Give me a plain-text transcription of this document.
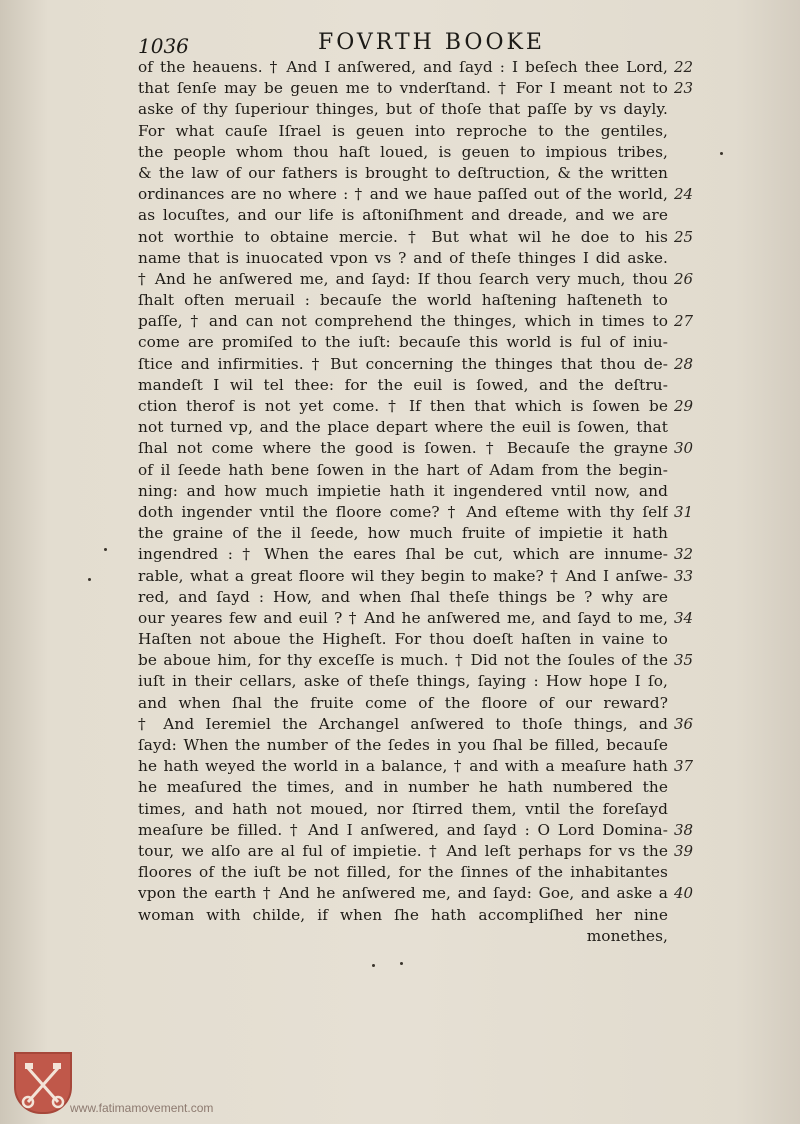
1036	FOVRTH BOOKE
of the heauens. † And I anſwered, and ſayd : I beſech thee Lord,
that ſenſe may be geuen me to vnderſtand. † For I meant not to
aske of thy ſuperiour thinges, but of thoſe that paſſe by vs dayly.
For what cauſe Iſrael is geuen into reproche to the gentiles,
the people whom thou haſt loued, is geuen to impious tribes,
& the law of our fathers is brought to deſtruction, & the written
ordinances are no where : † and we haue paſſed out of the world,
as locuſtes, and our life is aſtoniſhment and dreade, and we are
not worthie to obtaine mercie. † But what wil he doe to his
name that is inuocated vpon vs ? and of theſe thinges I did aske.
† And he anſwered me, and ſayd: If thou ſearch very much, thou
ſhalt often meruail : becauſe the world haſtening haſteneth to
paſſe, † and can not comprehend the thinges, which in times to
come are promiſed to the iuſt: becauſe this world is ful of iniu-
ſtice and infirmities. † But concerning the thinges that thou de-
mandeſt I wil tel thee: for the euil is ſowed, and the deſtru-
ction therof is not yet come. † If then that which is ſowen be
not turned vp, and the place depart where the euil is ſowen, that
ſhal not come where the good is ſowen. † Becauſe the grayne
of il ſeede hath bene ſowen in the hart of Adam from the begin-
ning: and how much impietie hath it ingendered vntil now, and
doth ingender vntil the floore come? † And eſteme with thy ſelf
the graine of the il ſeede, how much fruite of impietie it hath
ingendred : † When the eares ſhal be cut, which are innume-
rable, what a great floore wil they begin to make? † And I anſwe-
red, and ſayd : How, and when ſhal theſe things be ? why are
our yeares few and euil ? † And he anſwered me, and ſayd to me,
Haſten not aboue the Higheſt. For thou doeſt haſten in vaine to
be aboue him, for thy exceſſe is much. † Did not the ſoules of the
iuſt in their cellars, aske of theſe things, ſaying : How hope I ſo,
and when ſhal the fruite come of the floore of our reward?
† And Ieremiel the Archangel anſwered to thoſe things, and
ſayd: When the number of the ſedes in you ſhal be filled, becauſe
he hath weyed the world in a balance, † and with a meaſure hath
he meaſured the times, and in number he hath numbered the
times, and hath not moued, nor ſtirred them, vntil the foreſayd
meaſure be filled. † And I anſwered, and ſayd : O Lord Domina-
tour, we alſo are al ful of impietie. † And leſt perhaps for vs the
floores of the iuſt be not filled, for the ſinnes of the inhabitantes
vpon the earth † And he anſwered me, and ſayd: Goe, and aske a
woman with childe, if when ſhe hath accompliſhed her nine
monethes,
22
23
24
25
26
27
28
29
30
31
32
33
34
35
36
37
38
39
40
www.fatimamovement.com
